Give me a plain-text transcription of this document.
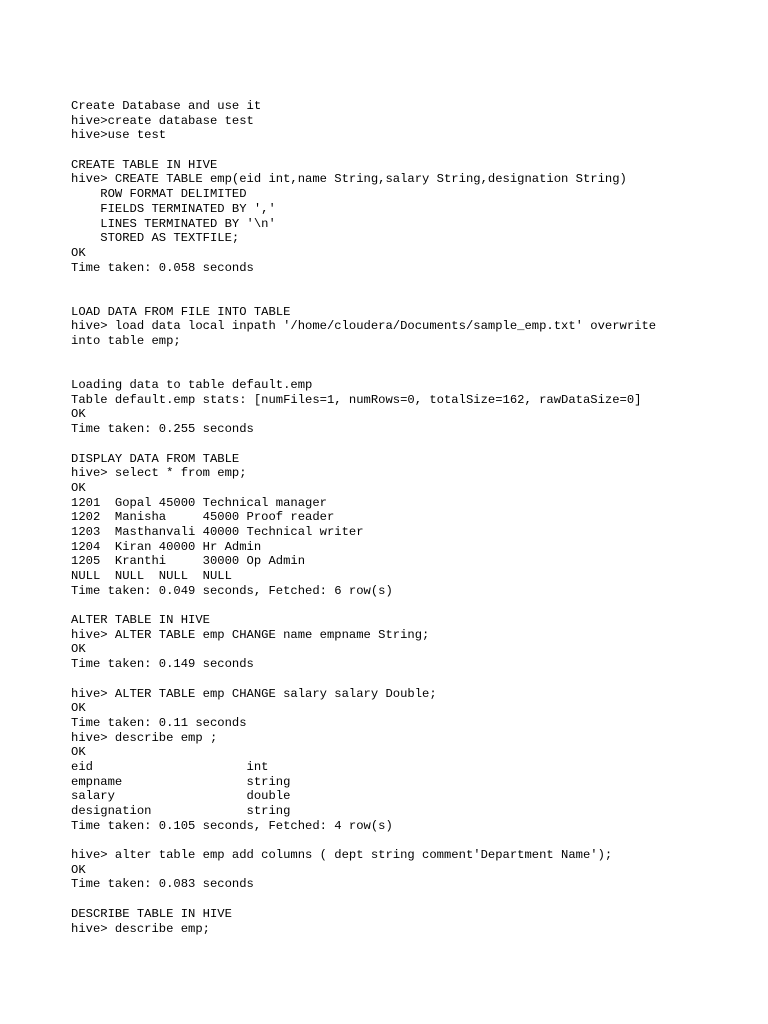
Create Database and use it
hive>create database test
hive>use test
CREATE TABLE IN HIVE
hive> CREATE TABLE emp(eid int,name String,salary String,designation String)
ROW FORMAT DELIMITED
FIELDS TERMINATED BY ','
LINES TERMINATED BY '\n'
STORED AS TEXTFILE;
OK
Time taken: 0.058 seconds
LOAD DATA FROM FILE INTO TABLE
hive> load data local inpath '/home/cloudera/Documents/sample_emp.txt' overwrite
into table emp;
Loading data to table default.emp
Table default.emp stats: [numFiles=1, numRows=0, totalSize=162, rawDataSize=0]
OK
Time taken: 0.255 seconds
DISPLAY DATA FROM TABLE
hive> select * from emp;
OK
1201  Gopal 45000 Technical manager
1202  Manisha     45000 Proof reader
1203  Masthanvali 40000 Technical writer
1204  Kiran 40000 Hr Admin
1205  Kranthi     30000 Op Admin
NULL  NULL  NULL  NULL
Time taken: 0.049 seconds, Fetched: 6 row(s)
ALTER TABLE IN HIVE
hive> ALTER TABLE emp CHANGE name empname String;
OK
Time taken: 0.149 seconds
hive> ALTER TABLE emp CHANGE salary salary Double;
OK
Time taken: 0.11 seconds
hive> describe emp ;
OK
eid                     int
empname                 string
salary                  double
designation             string
Time taken: 0.105 seconds, Fetched: 4 row(s)
hive> alter table emp add columns ( dept string comment'Department Name');
OK
Time taken: 0.083 seconds
DESCRIBE TABLE IN HIVE
hive> describe emp;
